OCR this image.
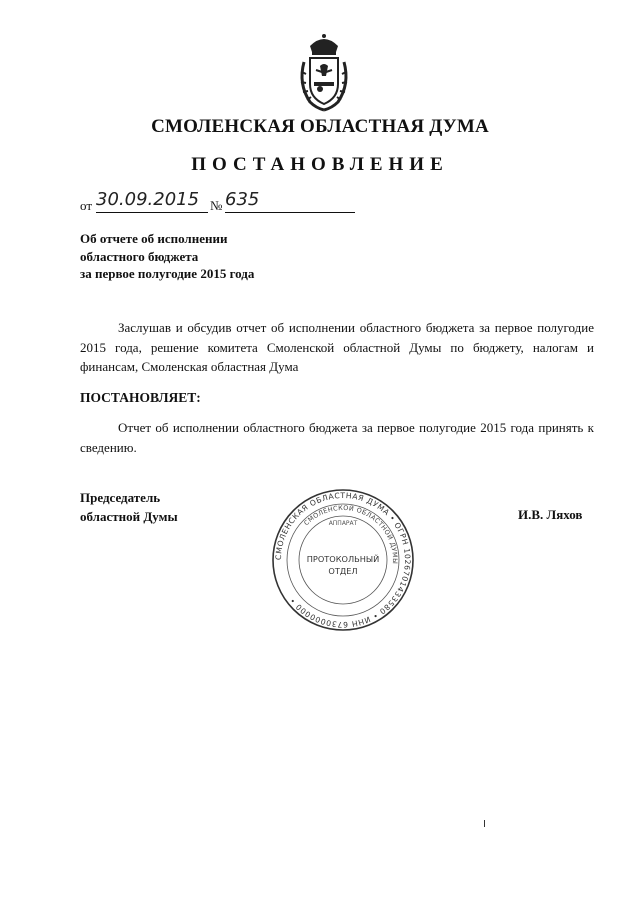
СМОЛЕНСКАЯ ОБЛАСТНАЯ ДУМА
ПОСТАНОВЛЕНИЕ
от 30.09.2015 № 635
Об отчете об исполнении
областного бюджета
за первое полугодие 2015 года
Заслушав и обсудив отчет об исполнении областного бюджета за первое полугодие 2015 года, решение комитета Смоленской областной Думы по бюджету, налогам и финансам, Смоленская областная Дума
ПОСТАНОВЛЯЕТ:
Отчет об исполнении областного бюджета за первое полугодие 2015 года принять к сведению.
Председатель
областной Думы	И.В. Ляхов
СМОЛЕНСКАЯ ОБЛАСТНАЯ ДУМА • ОГРН 1026701433580 • ИНН 6730000000 •
СМОЛЕНСКОЙ ОБЛАСТНОЙ ДУМЫ
АППАРАТ
ПРОТОКОЛЬНЫЙ
ОТДЕЛ
